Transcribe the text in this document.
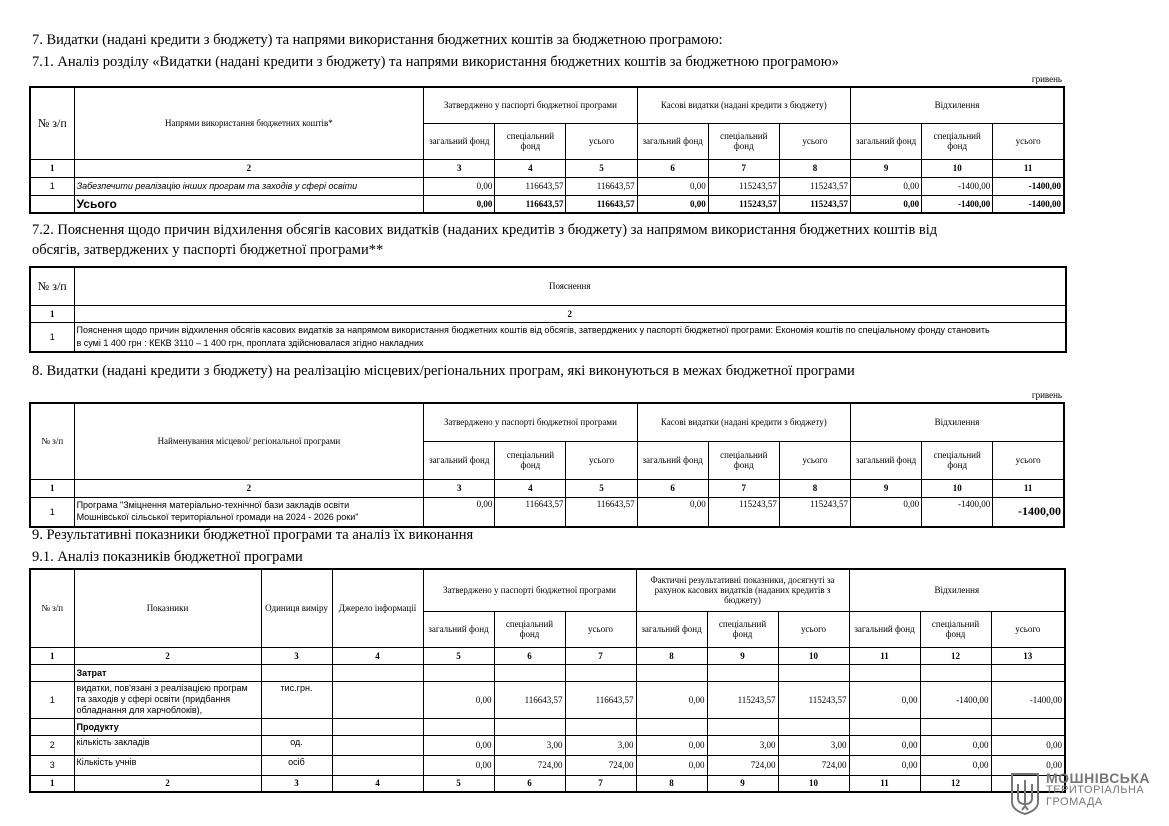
7. Видатки (надані кредити з бюджету) та напрями використання бюджетних коштів за бюджетною програмою:
7.1. Аналіз розділу «Видатки (надані кредити з бюджету) та напрями використання бюджетних коштів за бюджетною програмою»
гривень
№ з/п	Напрями використання бюджетних коштів*	Затверджено у паспорті бюджетної програми			Касові видатки (надані кредити з бюджету)			Відхилення		
		загальний фонд	спеціальний фонд	усього	загальний фонд	спеціальний фонд	усього	загальний фонд	спеціальний фонд	усього
1	2	3	4	5	6	7	8	9	10	11
1	Забезпечити реалізацію інших програм та заходів у сфері освіти	0,00	116643,57	116643,57	0,00	115243,57	115243,57	0,00	-1400,00	-1400,00
	Усього	0,00	116643,57	116643,57	0,00	115243,57	115243,57	0,00	-1400,00	-1400,00
7.2. Пояснення щодо причин відхилення обсягів касових видатків (наданих кредитів з бюджету) за напрямом використання бюджетних коштів від
обсягів, затверджених у паспорті бюджетної програми**
№ з/п	Пояснення
1	2
1	Пояснення щодо причин відхилення обсягів касових видатків за напрямом використання бюджетних коштів від обсягів, затверджених у паспорті бюджетної програми: Економія коштів по спеціальному фонду становить
в сумі 1 400 грн : КЕКВ 3110 – 1 400 грн, проплата здійснювалася згідно накладних
8. Видатки (надані кредити з бюджету) на реалізацію місцевих/регіональних програм, які виконуються в межах бюджетної програми
гривень
№ з/п	Найменування місцевої/ регіональної програми	Затверджено у паспорті бюджетної програми			Касові видатки (надані кредити з бюджету)			Відхилення		
		загальний фонд	спеціальний фонд	усього	загальний фонд	спеціальний фонд	усього	загальний фонд	спеціальний фонд	усього
1	2	3	4	5	6	7	8	9	10	11
1	Програма "Зміцнення матеріально-технічної бази закладів освіти
Мошнівської сільської територіальної громади на 2024 - 2026 роки"	0,00	116643,57	116643,57	0,00	115243,57	115243,57	0,00	-1400,00	-1400,00
9. Результативні показники бюджетної програми та аналіз їх виконання
9.1. Аналіз показників бюджетної програми
№ з/п	Показники	Одиниця виміру	Джерело інформації	Затверджено у паспорті бюджетної програми			Фактичні результативні показники, досягнуті за рахунок касових видатків (наданих кредитів з бюджету)			Відхилення		
				загальний фонд	спеціальний фонд	усього	загальний фонд	спеціальний фонд	усього	загальний фонд	спеціальний фонд	усього
1	2	3	4	5	6	7	8	9	10	11	12	13
	Затрат											
1	видатки, пов'язані з реалізацією програм та заходів у сфері освіти (придбання обладнання для харчоблоків),	тис.грн.		0,00	116643,57	116643,57	0,00	115243,57	115243,57	0,00	-1400,00	-1400,00
	Продукту											
2	кількість закладів	од.		0,00	3,00	3,00	0,00	3,00	3,00	0,00	0,00	0,00
3	Кількість учнів	осіб		0,00	724,00	724,00	0,00	724,00	724,00	0,00	0,00	0,00
1	2	3	4	5	6	7	8	9	10	11	12		МОШНІВСЬКА
ТЕРИТОРІАЛЬНА
ГРОМАДА
